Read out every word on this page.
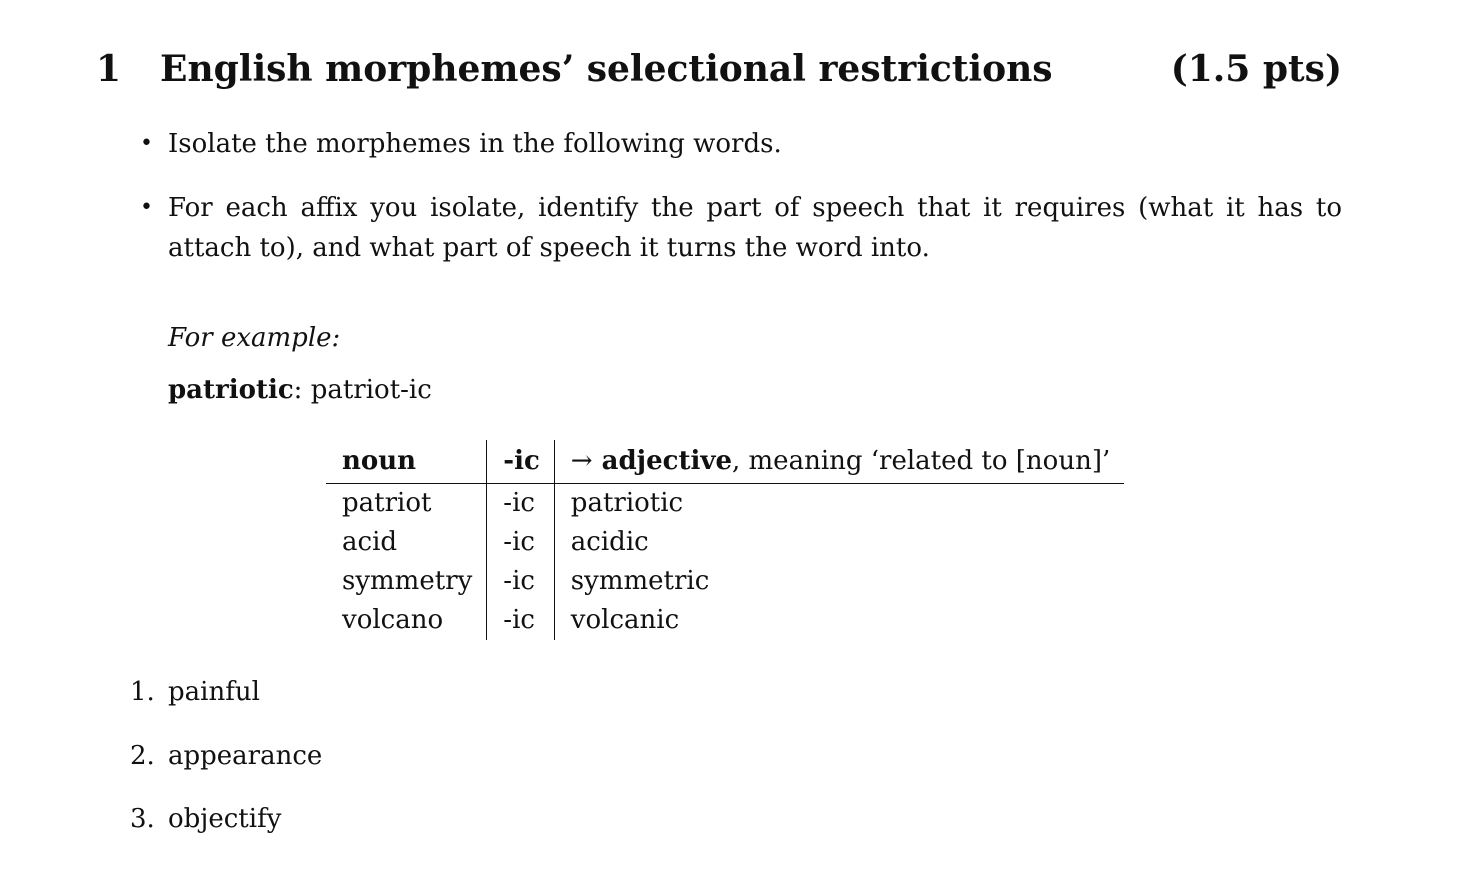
1 English morphemes’ selectional restrictions	(1.5 pts)
• Isolate the morphemes in the following words.
• For each affix you isolate, identify the part of speech that it requires (what it has to attach to), and what part of speech it turns the word into.
For example:
patriotic: patriot-ic
noun	-ic	→ adjective, meaning ‘related to [noun]’
patriot	-ic	patriotic
acid	-ic	acidic
symmetry	-ic	symmetric
volcano	-ic	volcanic
1. painful
2. appearance
3. objectify
